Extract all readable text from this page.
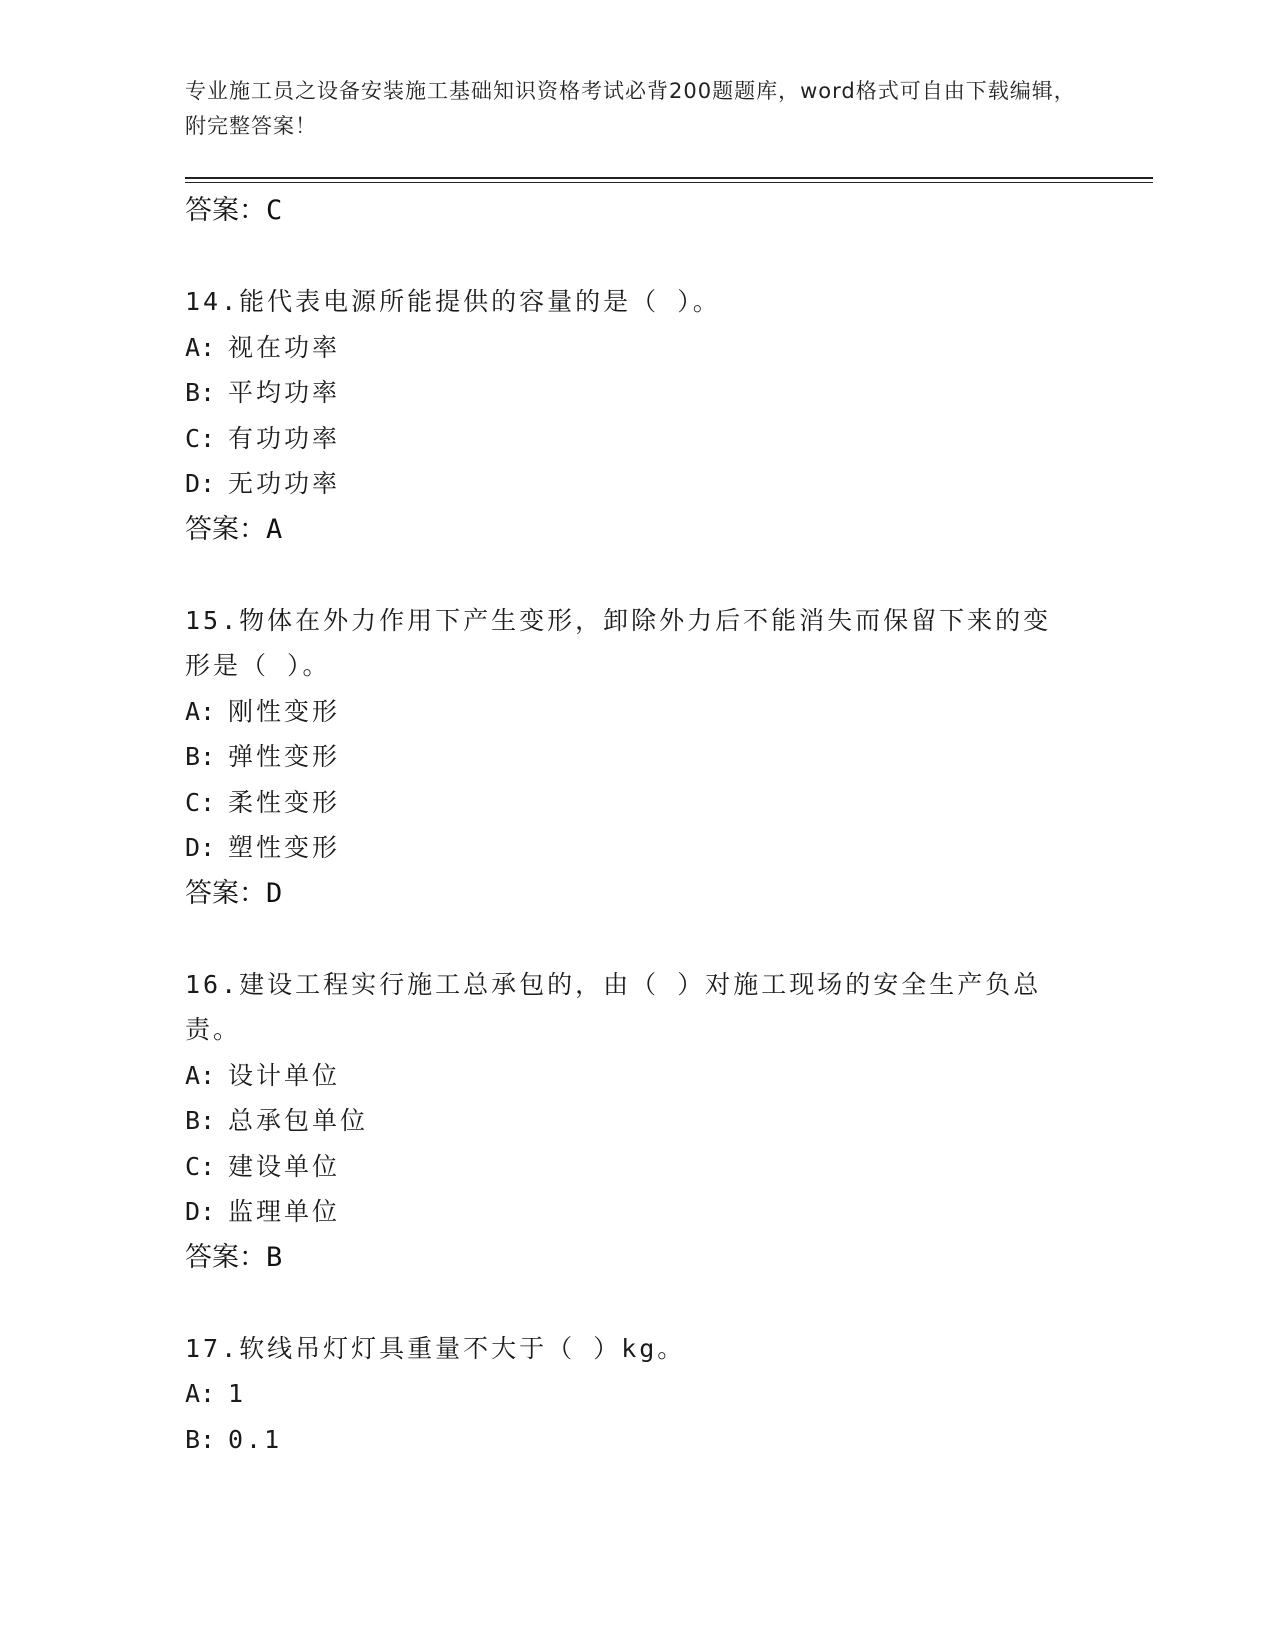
专业施工员之设备安装施工基础知识资格考试必背200题题库，word格式可自由下载编辑，附完整答案！
答案：C
14.能代表电源所能提供的容量的是（ ）。
A: 视在功率
B: 平均功率
C: 有功功率
D: 无功功率
答案：A
15.物体在外力作用下产生变形，卸除外力后不能消失而保留下来的变形是（ ）。
A: 刚性变形
B: 弹性变形
C: 柔性变形
D: 塑性变形
答案：D
16.建设工程实行施工总承包的，由（ ）对施工现场的安全生产负总责。
A: 设计单位
B: 总承包单位
C: 建设单位
D: 监理单位
答案：B
17.软线吊灯灯具重量不大于（ ）kg。
A: 1
B: 0.1
